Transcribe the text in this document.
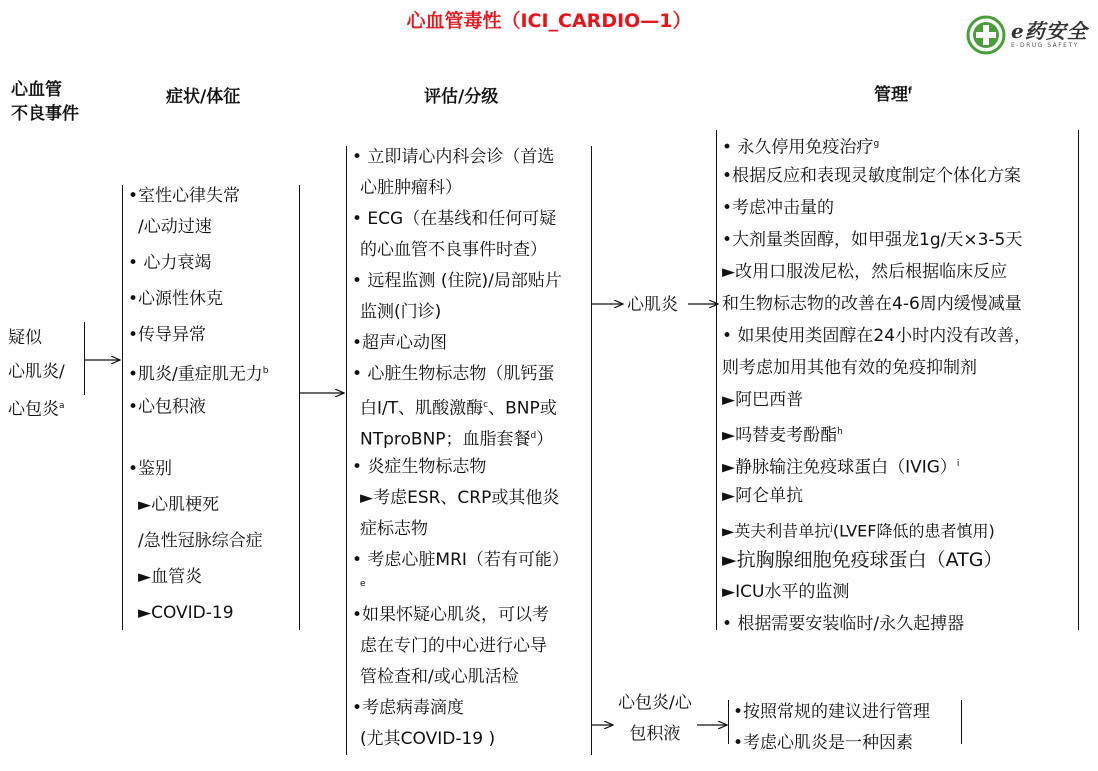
心血管毒性（ICI_CARDIO—1）	e药安全
E-DRUG SAFETY
心血管
不良事件
症状/体征	评估/分级	管理$^f$
疑似
心肌炎/
心包炎$^a$
•室性心律失常
/心动过速
• 心力衰竭
•心源性休克
•传导异常
•肌炎/重症肌无力$^b$
•心包积液
•鉴别
►心肌梗死
/急性冠脉综合症
►血管炎
►COVID-19
• 立即请心内科会诊（首选
心脏肿瘤科）
• ECG（在基线和任何可疑
的心血管不良事件时查）
• 远程监测 (住院)/局部贴片
监测(门诊)
•超声心动图
• 心脏生物标志物（肌钙蛋
白I/T、肌酸激酶$^c$、BNP或
NTproBNP；血脂套餐$^d$）
• 炎症生物标志物
►考虑ESR、CRP或其他炎
症标志物
• 考虑心脏MRI（若有可能）
$^e$
•如果怀疑心肌炎，可以考
虑在专门的中心进行心导
管检查和/或心肌活检
•考虑病毒滴度
(尤其COVID-19 )
心肌炎
心包炎/心
包积液
• 永久停用免疫治疗$^g$
•根据反应和表现灵敏度制定个体化方案
•考虑冲击量的
•大剂量类固醇，如甲强龙1g/天×3-5天
►改用口服泼尼松，然后根据临床反应
和生物标志物的改善在4-6周内缓慢减量
• 如果使用类固醇在24小时内没有改善，
则考虑加用其他有效的免疫抑制剂
►阿巴西普
►吗替麦考酚酯$^h$
►静脉输注免疫球蛋白（IVIG）$^i$
►阿仑单抗
►英夫利昔单抗$^j$(LVEF降低的患者慎用)
►抗胸腺细胞免疫球蛋白（ATG）
►ICU水平的监测
• 根据需要安装临时/永久起搏器
•按照常规的建议进行管理
•考虑心肌炎是一种因素
